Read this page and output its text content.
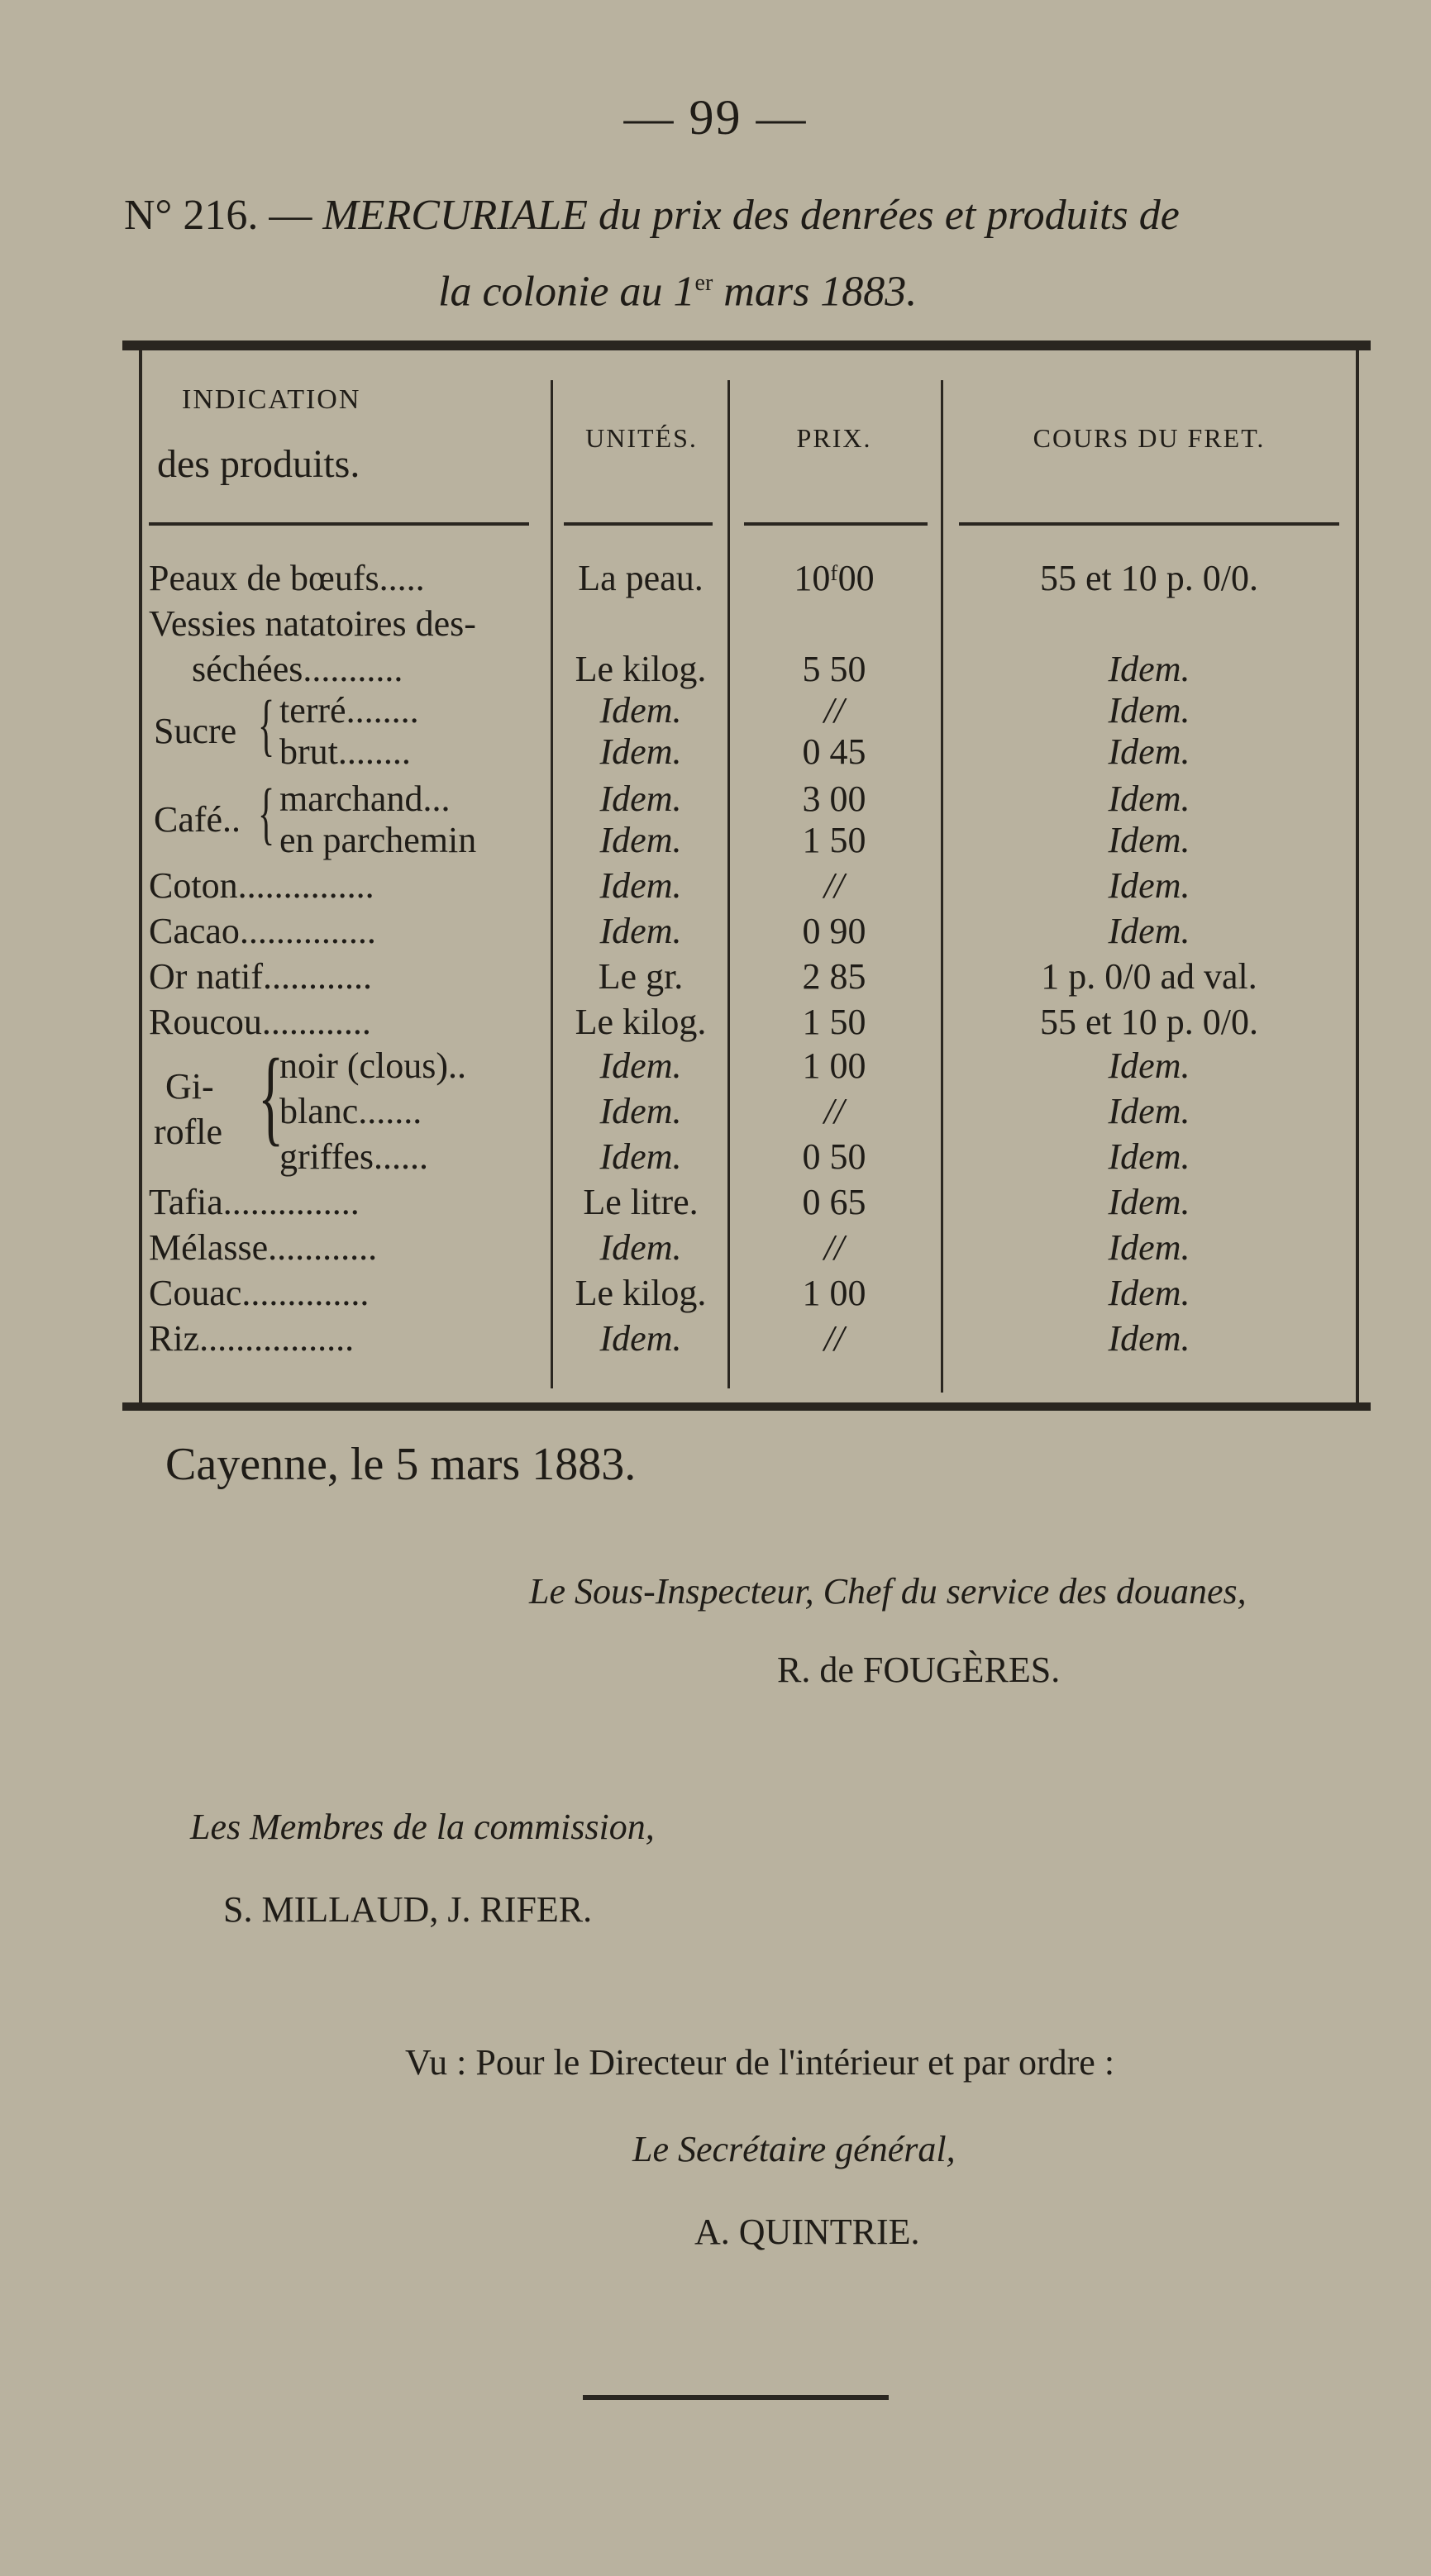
— 99 —
N° 216. — MERCURIALE du prix des denrées et produits de
la colonie au 1er mars 1883.
INDICATION
des produits.
UNITÉS.	PRIX.	COURS DU FRET.
Peaux de bœufs.....	La peau.	10ᶠ00	55 et 10 p. 0/0.
Vessies natatoires des-
séchées...........	Le kilog.	5 50	Idem.
Sucre { terré........	Idem.	//	Idem.
brut........	Idem.	0 45	Idem.
Café.. { marchand...	Idem.	3 00	Idem.
en parchemin	Idem.	1 50	Idem.
Coton...............	Idem.	//	Idem.
Cacao...............	Idem.	0 90	Idem.
Or natif............	Le gr.	2 85	1 p. 0/0 ad val.
Roucou............	Le kilog.	1 50	55 et 10 p. 0/0.
Gi-
rofle {
noir (clous)..	Idem.	1 00	Idem.
blanc.......	Idem.	//	Idem.
griffes......	Idem.	0 50	Idem.
Tafia...............	Le litre.	0 65	Idem.
Mélasse............	Idem.	//	Idem.
Couac..............	Le kilog.	1 00	Idem.
Riz.................	Idem.	//	Idem.
Cayenne, le 5 mars 1883.
Le Sous-Inspecteur, Chef du service des douanes,
R. de FOUGÈRES.
Les Membres de la commission,
S. MILLAUD, J. RIFER.
Vu : Pour le Directeur de l'intérieur et par ordre :
Le Secrétaire général,
A. QUINTRIE.
